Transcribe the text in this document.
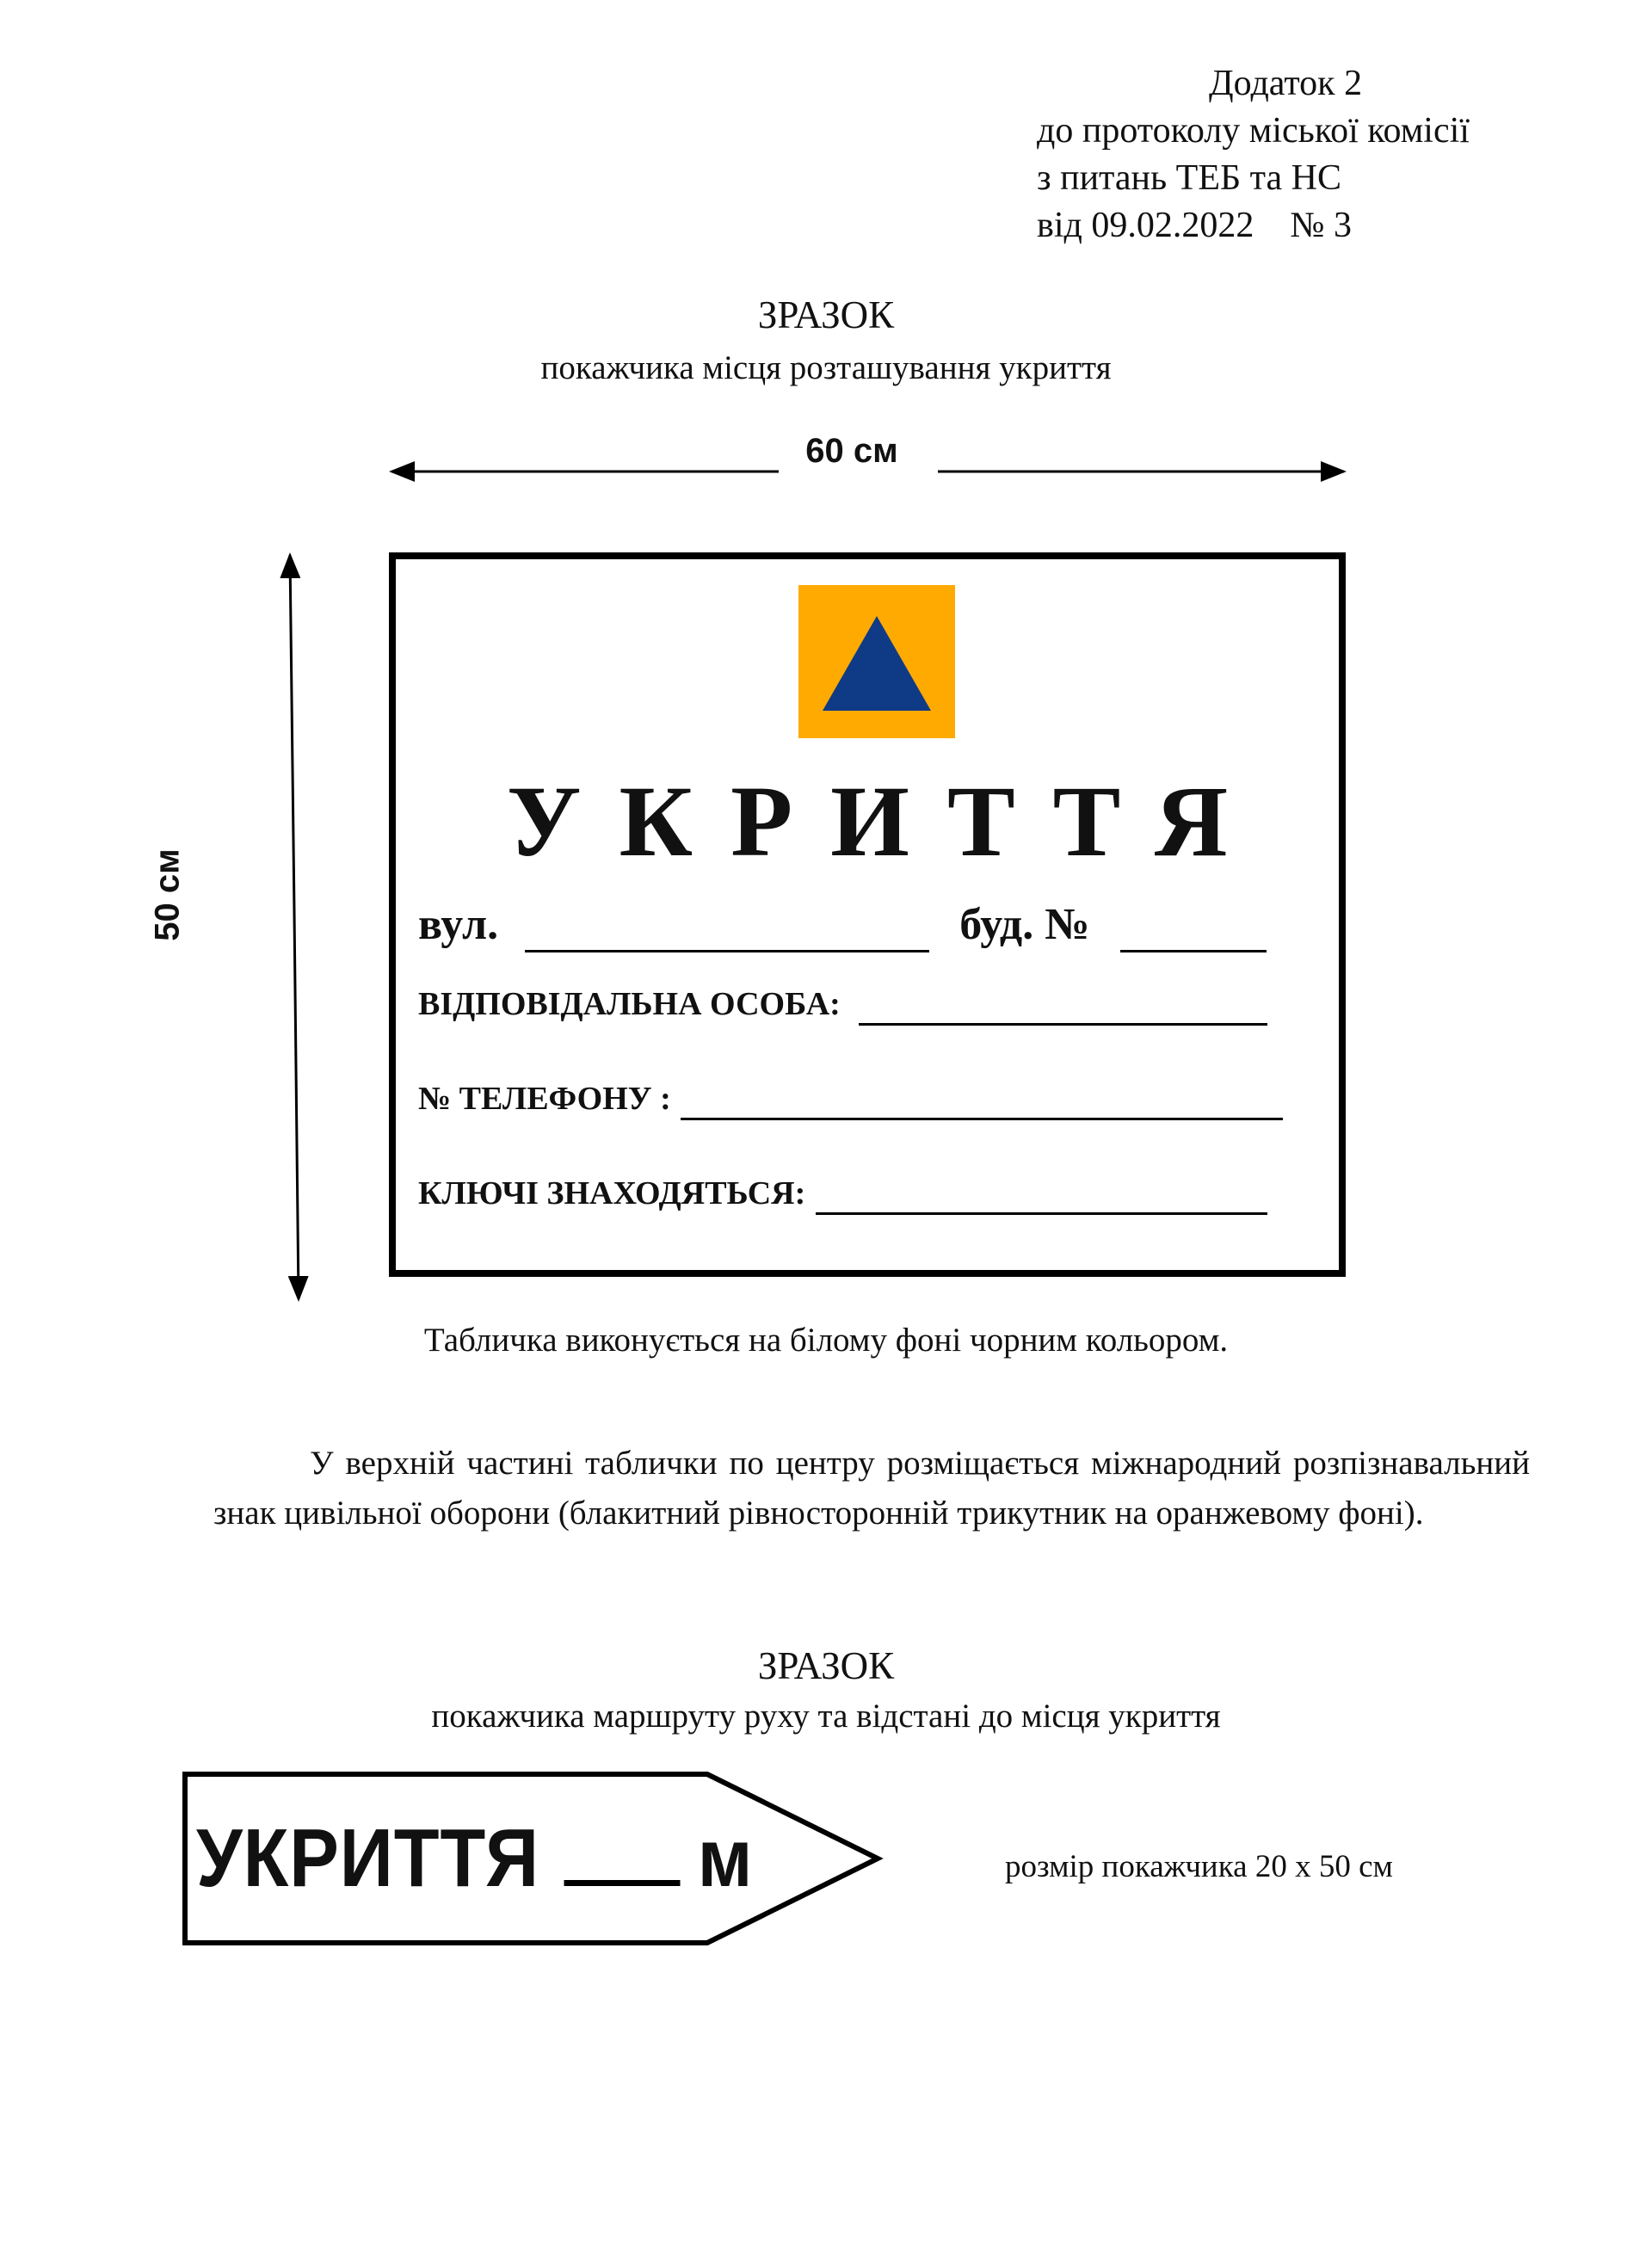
Додаток 2
до протоколу міської комісії
з питань ТЕБ та НС
від 09.02.2022    № 3
ЗРАЗОК
покажчика місця розташування укриття
60 см
50 см
УКРИТТЯ
вул.	буд. №
ВІДПОВІДАЛЬНА ОСОБА:
№ ТЕЛЕФОНУ :
КЛЮЧІ ЗНАХОДЯТЬСЯ:
Табличка виконується на білому фоні чорним кольором.
У верхній частині таблички по центру розміщається міжнародний розпізнавальний знак цивільної оборони (блакитний рівносторонній трикутник на оранжевому фоні).
ЗРАЗОК
покажчика маршруту руху та відстані до місця укриття
УКРИТТЯ м	розмір покажчика 20 х 50 см
